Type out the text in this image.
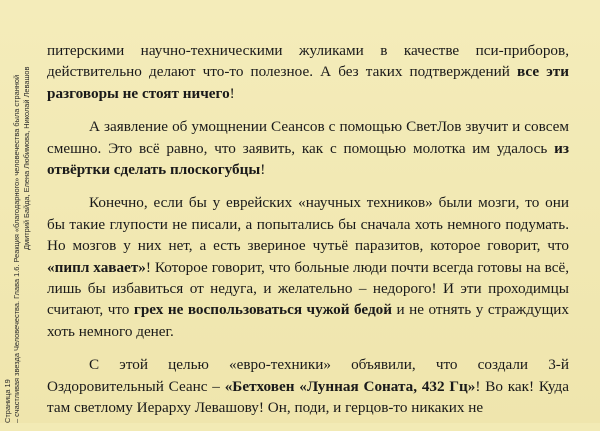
Страница 19 – счастливая звезда Человечества. Глава 1.6. Реакция «благодарного» человечества была странной Дмитрий Байда, Елена Любимова, Николай Левашов

питерскими научно-техническими жуликами в качестве пси-приборов, действительно делают что-то полезное. А без таких подтверждений все эти разговоры не стоят ничего!

А заявление об умощнении Сеансов с помощью СветЛов звучит и совсем смешно. Это всё равно, что заявить, как с помощью молотка им удалось из отвёртки сделать плоскогубцы!

Конечно, если бы у еврейских «научных техников» были мозги, то они бы такие глупости не писали, а попытались бы сначала хоть немного подумать. Но мозгов у них нет, а есть звериное чутьё паразитов, которое говорит, что «пипл хавает»! Которое говорит, что больные люди почти всегда готовы на всё, лишь бы избавиться от недуга, и желательно – недорого! И эти проходимцы считают, что грех не воспользоваться чужой бедой и не отнять у страждущих хоть немного денег.

С этой целью «евро-техники» объявили, что создали 3-й Оздоровительный Сеанс – «Бетховен «Лунная Соната, 432 Гц»! Во как! Куда там светлому Иерарху Левашову! Он, поди, и герцов-то никаких не
